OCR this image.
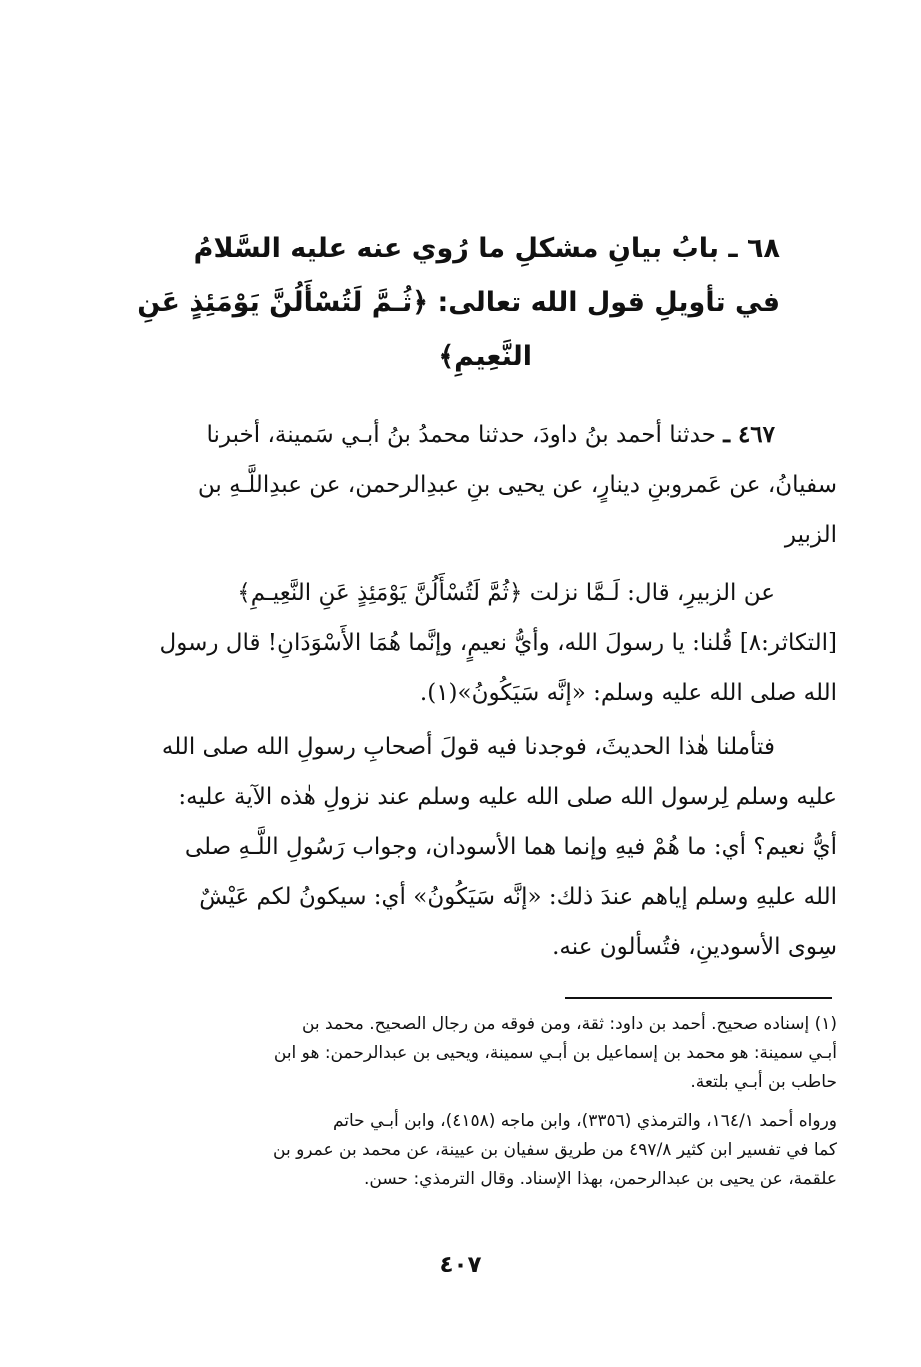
٦٨ ـ بابُ بيانِ مشكلِ ما رُوي عنه عليه السَّلامُ
في تأويلِ قول الله تعالى: ﴿ثُـمَّ لَتُسْأَلُنَّ يَوْمَئِذٍ عَنِ
النَّعِيمِ﴾
٤٦٧ ـ حدثنا أحمد بنُ داودَ، حدثنا محمدُ بنُ أبـي سَمينة، أخبرنا
سفيانُ، عن عَمروبنِ دينارٍ، عن يحيى بنِ عبدِالرحمن، عن عبدِاللَّـهِ بن
الزبير
عن الزبيرِ، قال: لَـمَّا نزلت ﴿ثُمَّ لَتُسْأَلُنَّ يَوْمَئِذٍ عَنِ النَّعِيـمِ﴾
[التكاثر:٨] قُلنا: يا رسولَ الله، وأيُّ نعيمٍ، وإنَّما هُمَا الأَسْوَدَانِ! قال رسول
الله صلى الله عليه وسلم: «إنَّه سَيَكُونُ»(١).
فتأملنا هٰذا الحديثَ، فوجدنا فيه قولَ أصحابِ رسولِ الله صلى الله
عليه وسلم لِرسول الله صلى الله عليه وسلم عند نزولِ هٰذه الآية عليه:
أيُّ نعيم؟ أي: ما هُمْ فيهِ وإنما هما الأسودان، وجواب رَسُولِ اللَّـهِ صلى
الله عليهِ وسلم إياهم عندَ ذلك: «إنَّه سَيَكُونُ» أي: سيكونُ لكم عَيْشٌ
سِوى الأسودينِ، فتُسألون عنه.
(١) إسناده صحيح. أحمد بن داود: ثقة، ومن فوقه من رجال الصحيح. محمد بن
أبـي سمينة: هو محمد بن إسماعيل بن أبـي سمينة، ويحيى بن عبدالرحمن: هو ابن
حاطب بن أبـي بلتعة.
ورواه أحمد ١٦٤/١، والترمذي (٣٣٥٦)، وابن ماجه (٤١٥٨)، وابن أبـي حاتم
كما في تفسير ابن كثير ٤٩٧/٨ من طريق سفيان بن عيينة، عن محمد بن عمرو بن
علقمة، عن يحيى بن عبدالرحمن، بهذا الإسناد. وقال الترمذي: حسن.
٤٠٧
